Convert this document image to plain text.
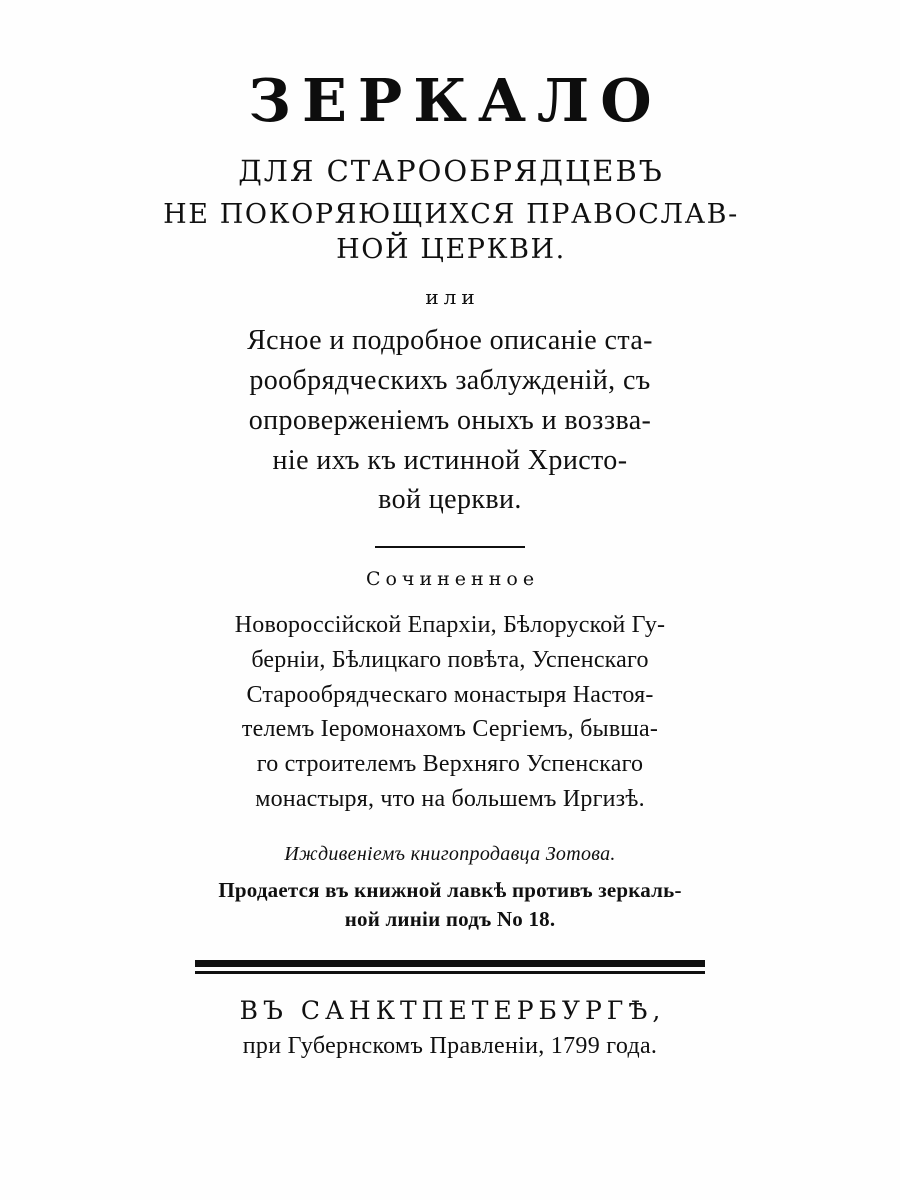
ЗЕРКАЛО
ДЛЯ СТАРООБРЯДЦЕВЪ
НЕ ПОКОРЯЮЩИХСЯ ПРАВОСЛАВ-
НОЙ ЦЕРКВИ.
или
Ясное и подробное описаніе ста-
рообрядческихъ заблужденій, съ
опроверженіемъ оныхъ и воззва-
ніе ихъ къ истинной Христо-
вой церкви.
Сочиненное
Новороссійской Епархіи, Бѣлоруской Гу-
берніи, Бѣлицкаго повѣта, Успенскаго
Старообрядческаго монастыря Настоя-
телемъ Іеромонахомъ Сергіемъ, бывша-
го строителемъ Верхняго Успенскаго
монастыря, что на большемъ Иргизѣ.
Иждивеніемъ книгопродавца Зотова.
Продается въ книжной лавкѣ противъ зеркаль-
ной линіи подъ No 18.
ВЪ САНКТПЕТЕРБУРГѢ,
при Губернскомъ Правленіи, 1799 года.
